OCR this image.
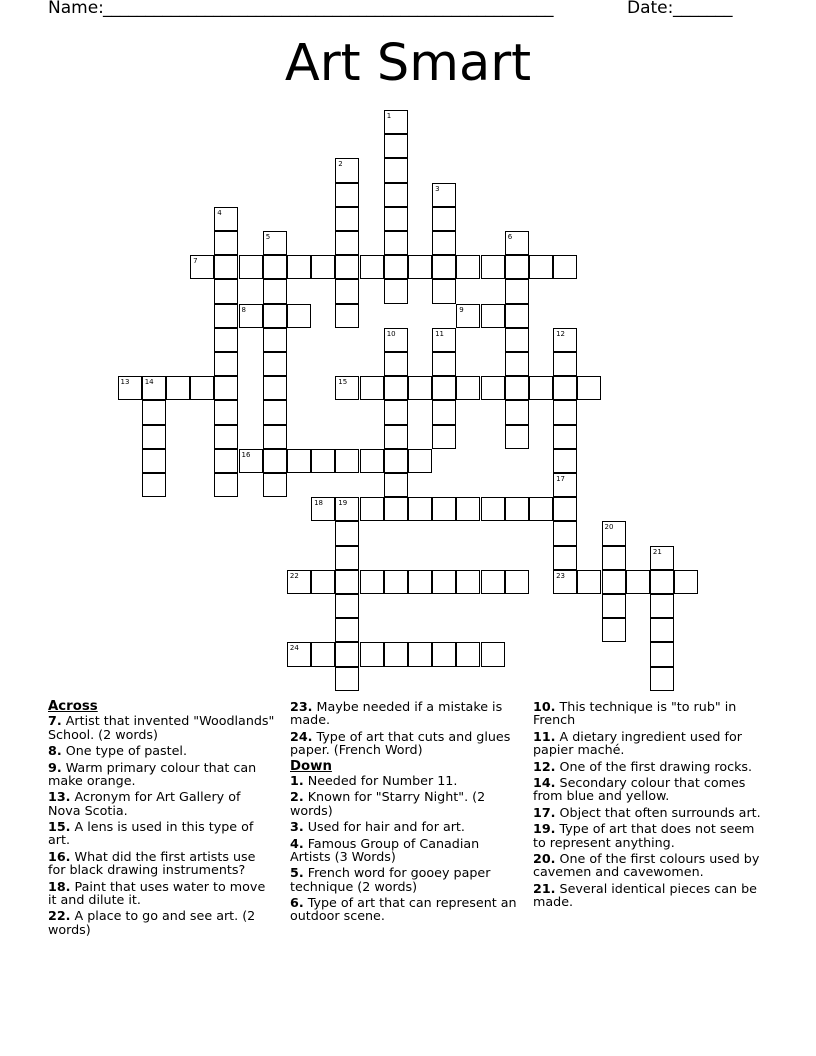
Name: _____________________________________________________	Date: _______
Art Smart
1
2
3
4
5	6
7
8	9
10	11	12
13 14	15
16
17
18 19
20
21
22	23
24
Across
7. Artist that invented "Woodlands" School. (2 words)
8. One type of pastel.
9. Warm primary colour that can make orange.
13. Acronym for Art Gallery of Nova Scotia.
15. A lens is used in this type of art.
16. What did the first artists use for black drawing instruments?
18. Paint that uses water to move it and dilute it.
22. A place to go and see art. (2 words)
23. Maybe needed if a mistake is made.
24. Type of art that cuts and glues paper. (French Word)
Down
1. Needed for Number 11.
2. Known for "Starry Night". (2 words)
3. Used for hair and for art.
4. Famous Group of Canadian Artists (3 Words)
5. French word for gooey paper technique (2 words)
6. Type of art that can represent an outdoor scene.
10. This technique is "to rub" in French
11. A dietary ingredient used for papier maché.
12. One of the first drawing rocks.
14. Secondary colour that comes from blue and yellow.
17. Object that often surrounds art.
19. Type of art that does not seem to represent anything.
20. One of the first colours used by cavemen and cavewomen.
21. Several identical pieces can be made.
